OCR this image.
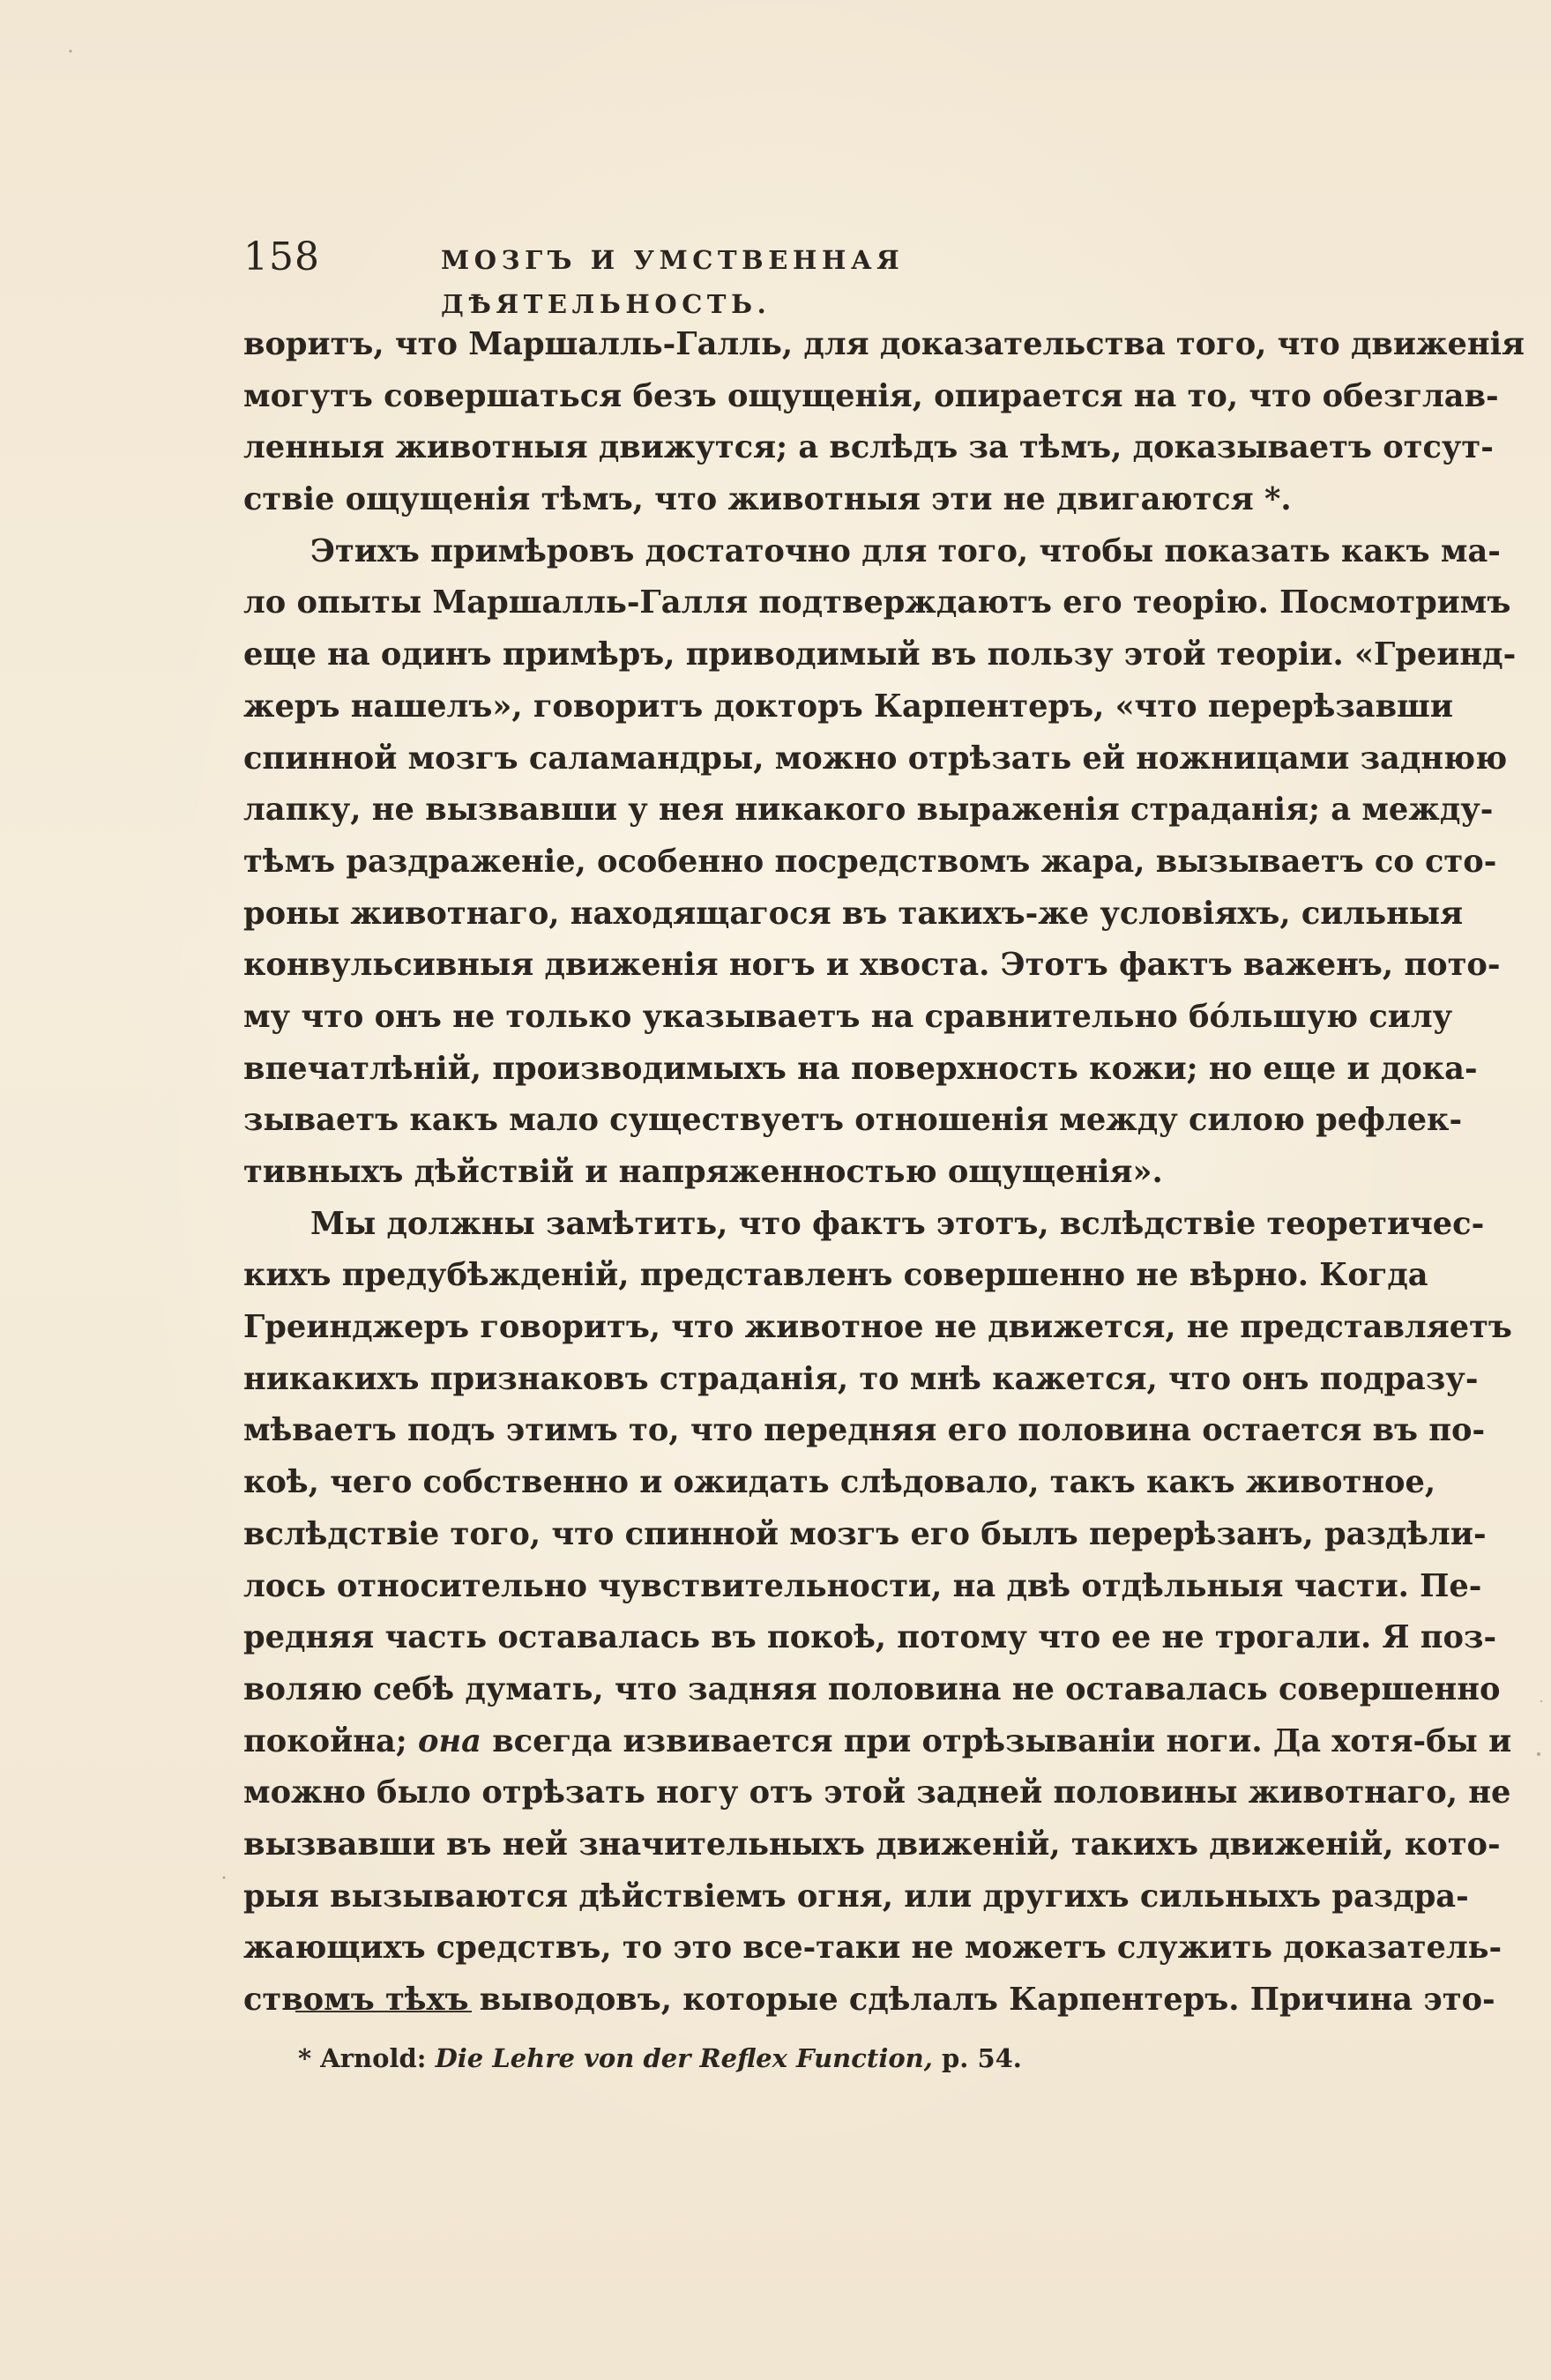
158	МОЗГЪ И УМСТВЕННАЯ ДѢЯТЕЛЬНОСТЬ.
воритъ, что Маршалль-Галль, для доказательства того, что движенія
могутъ совершаться безъ ощущенія, опирается на то, что обезглав-
ленныя животныя движутся; а вслѣдъ за тѣмъ, доказываетъ отсут-
ствіе ощущенія тѣмъ, что животныя эти не двигаются *.
Этихъ примѣровъ достаточно для того, чтобы показать какъ ма-
ло опыты Маршалль-Галля подтверждаютъ его теорію. Посмотримъ
еще на одинъ примѣръ, приводимый въ пользу этой теоріи. «Греинд-
жеръ нашелъ», говоритъ докторъ Карпентеръ, «что перерѣзавши
спинной мозгъ саламандры, можно отрѣзать ей ножницами заднюю
лапку, не вызвавши у нея никакого выраженія страданія; а между-
тѣмъ раздраженіе, особенно посредствомъ жара, вызываетъ со сто-
роны животнаго, находящагося въ такихъ-же условіяхъ, сильныя
конвульсивныя движенія ногъ и хвоста. Этотъ фактъ важенъ, пото-
му что онъ не только указываетъ на сравнительно бо́льшую силу
впечатлѣній, производимыхъ на поверхность кожи; но еще и дока-
зываетъ какъ мало существуетъ отношенія между силою рефлек-
тивныхъ дѣйствій и напряженностью ощущенія».
Мы должны замѣтить, что фактъ этотъ, вслѣдствіе теоретичес-
кихъ предубѣжденій, представленъ совершенно не вѣрно. Когда
Греинджеръ говоритъ, что животное не движется, не представляетъ
никакихъ признаковъ страданія, то мнѣ кажется, что онъ подразу-
мѣваетъ подъ этимъ то, что передняя его половина остается въ по-
коѣ, чего собственно и ожидать слѣдовало, такъ какъ животное,
вслѣдствіе того, что спинной мозгъ его былъ перерѣзанъ, раздѣли-
лось относительно чувствительности, на двѣ отдѣльныя части. Пе-
редняя часть оставалась въ покоѣ, потому что ее не трогали. Я поз-
воляю себѣ думать, что задняя половина не оставалась совершенно
покойна; она всегда извивается при отрѣзываніи ноги. Да хотя-бы и
можно было отрѣзать ногу отъ этой задней половины животнаго, не
вызвавши въ ней значительныхъ движеній, такихъ движеній, кото-
рыя вызываются дѣйствіемъ огня, или другихъ сильныхъ раздра-
жающихъ средствъ, то это все-таки не можетъ служить доказатель-
ствомъ тѣхъ выводовъ, которые сдѣлалъ Карпентеръ. Причина это-
* Arnold: Die Lehre von der Reflex Function, p. 54.
